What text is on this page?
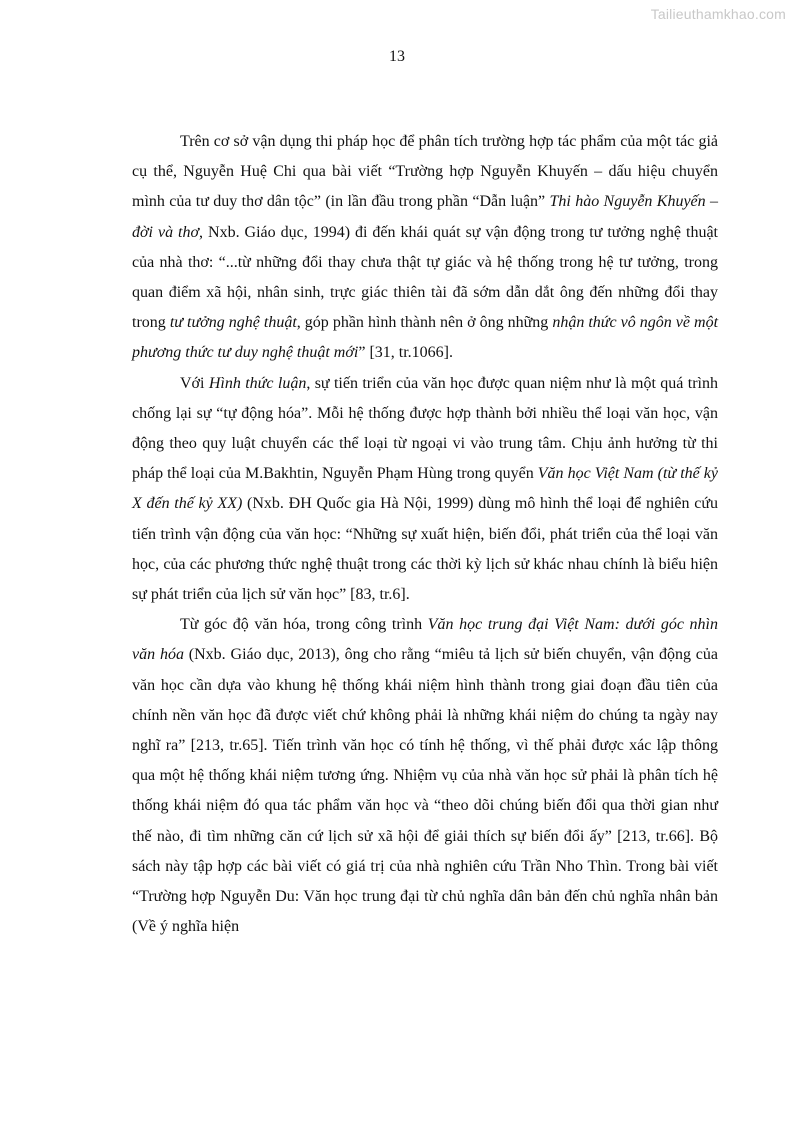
Tailieuthamkhao.com
13

Trên cơ sở vận dụng thi pháp học để phân tích trường hợp tác phẩm của một tác giả cụ thể, Nguyễn Huệ Chi qua bài viết “Trường hợp Nguyễn Khuyến – dấu hiệu chuyển mình của tư duy thơ dân tộc” (in lần đầu trong phần “Dẫn luận” Thi hào Nguyễn Khuyến – đời và thơ, Nxb. Giáo dục, 1994) đi đến khái quát sự vận động trong tư tưởng nghệ thuật của nhà thơ: “...từ những đổi thay chưa thật tự giác và hệ thống trong hệ tư tưởng, trong quan điểm xã hội, nhân sinh, trực giác thiên tài đã sớm dẫn dắt ông đến những đổi thay trong tư tưởng nghệ thuật, góp phần hình thành nên ở ông những nhận thức vô ngôn về một phương thức tư duy nghệ thuật mới” [31, tr.1066].

Với Hình thức luận, sự tiến triển của văn học được quan niệm như là một quá trình chống lại sự “tự động hóa”. Mỗi hệ thống được hợp thành bởi nhiều thể loại văn học, vận động theo quy luật chuyển các thể loại từ ngoại vi vào trung tâm. Chịu ảnh hưởng từ thi pháp thể loại của M.Bakhtin, Nguyễn Phạm Hùng trong quyển Văn học Việt Nam (từ thế kỷ X đến thế kỷ XX) (Nxb. ĐH Quốc gia Hà Nội, 1999) dùng mô hình thể loại để nghiên cứu tiến trình vận động của văn học: “Những sự xuất hiện, biến đổi, phát triển của thể loại văn học, của các phương thức nghệ thuật trong các thời kỳ lịch sử khác nhau chính là biểu hiện sự phát triển của lịch sử văn học” [83, tr.6].

Từ góc độ văn hóa, trong công trình Văn học trung đại Việt Nam: dưới góc nhìn văn hóa (Nxb. Giáo dục, 2013), ông cho rằng “miêu tả lịch sử biến chuyển, vận động của văn học cần dựa vào khung hệ thống khái niệm hình thành trong giai đoạn đầu tiên của chính nền văn học đã được viết chứ không phải là những khái niệm do chúng ta ngày nay nghĩ ra” [213, tr.65]. Tiến trình văn học có tính hệ thống, vì thế phải được xác lập thông qua một hệ thống khái niệm tương ứng. Nhiệm vụ của nhà văn học sử phải là phân tích hệ thống khái niệm đó qua tác phẩm văn học và “theo dõi chúng biến đổi qua thời gian như thế nào, đi tìm những căn cứ lịch sử xã hội để giải thích sự biến đổi ấy” [213, tr.66]. Bộ sách này tập hợp các bài viết có giá trị của nhà nghiên cứu Trần Nho Thìn. Trong bài viết “Trường hợp Nguyễn Du: Văn học trung đại từ chủ nghĩa dân bản đến chủ nghĩa nhân bản (Về ý nghĩa hiện
